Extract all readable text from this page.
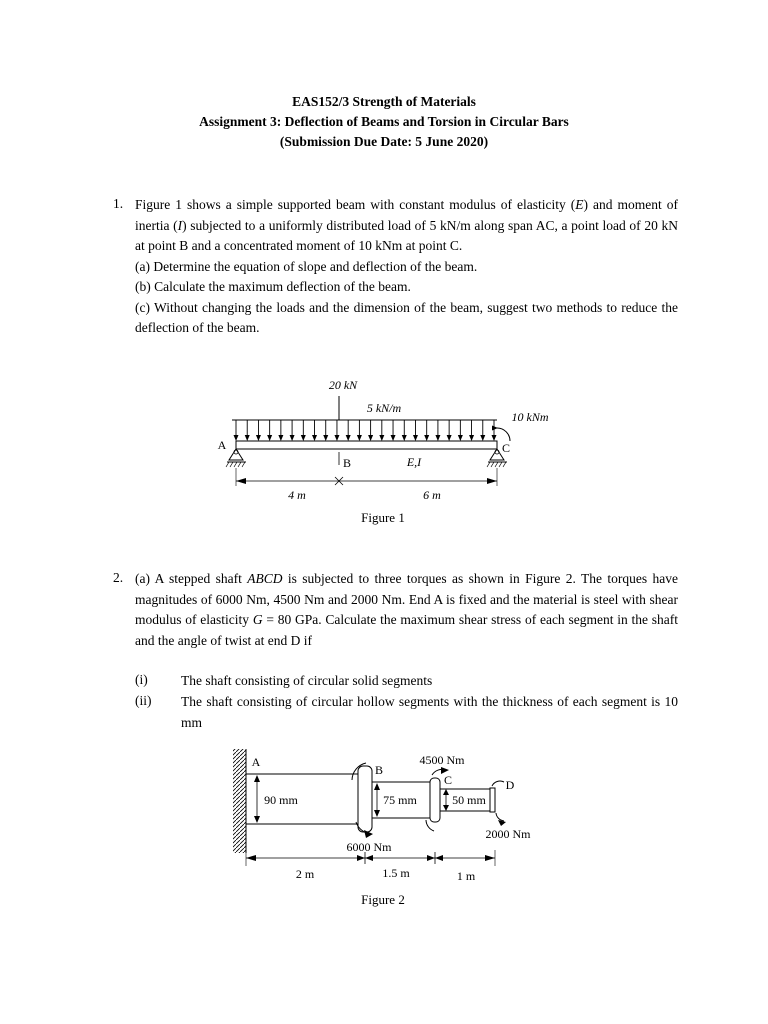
EAS152/3 Strength of Materials
Assignment 3: Deflection of Beams and Torsion in Circular Bars
(Submission Due Date: 5 June 2020)
1. Figure 1 shows a simple supported beam with constant modulus of elasticity (E) and moment of inertia (I) subjected to a uniformly distributed load of 5 kN/m along span AC, a point load of 20 kN at point B and a concentrated moment of 10 kNm at point C.

(a) Determine the equation of slope and deflection of the beam.

(b) Calculate the maximum deflection of the beam.

(c) Without changing the loads and the dimension of the beam, suggest two methods to reduce the deflection of the beam.

20 kN
5 kN/m
10 kNm
A
B
C
E,I
4 m	6 m
Figure 1
2. (a) A stepped shaft ABCD is subjected to three torques as shown in Figure 2. The torques have magnitudes of 6000 Nm, 4500 Nm and 2000 Nm. End A is fixed and the material is steel with shear modulus of elasticity G = 80 GPa. Calculate the maximum shear stress of each segment in the shaft and the angle of twist at end D if

(i) The shaft consisting of circular solid segments
(ii) The shaft consisting of circular hollow segments with the thickness of each segment is 10 mm
A
B
C	D
90 mm	75 mm	50 mm
4500 Nm
6000 Nm
2000 Nm
2 m	1.5 m	1 m
Figure 2
